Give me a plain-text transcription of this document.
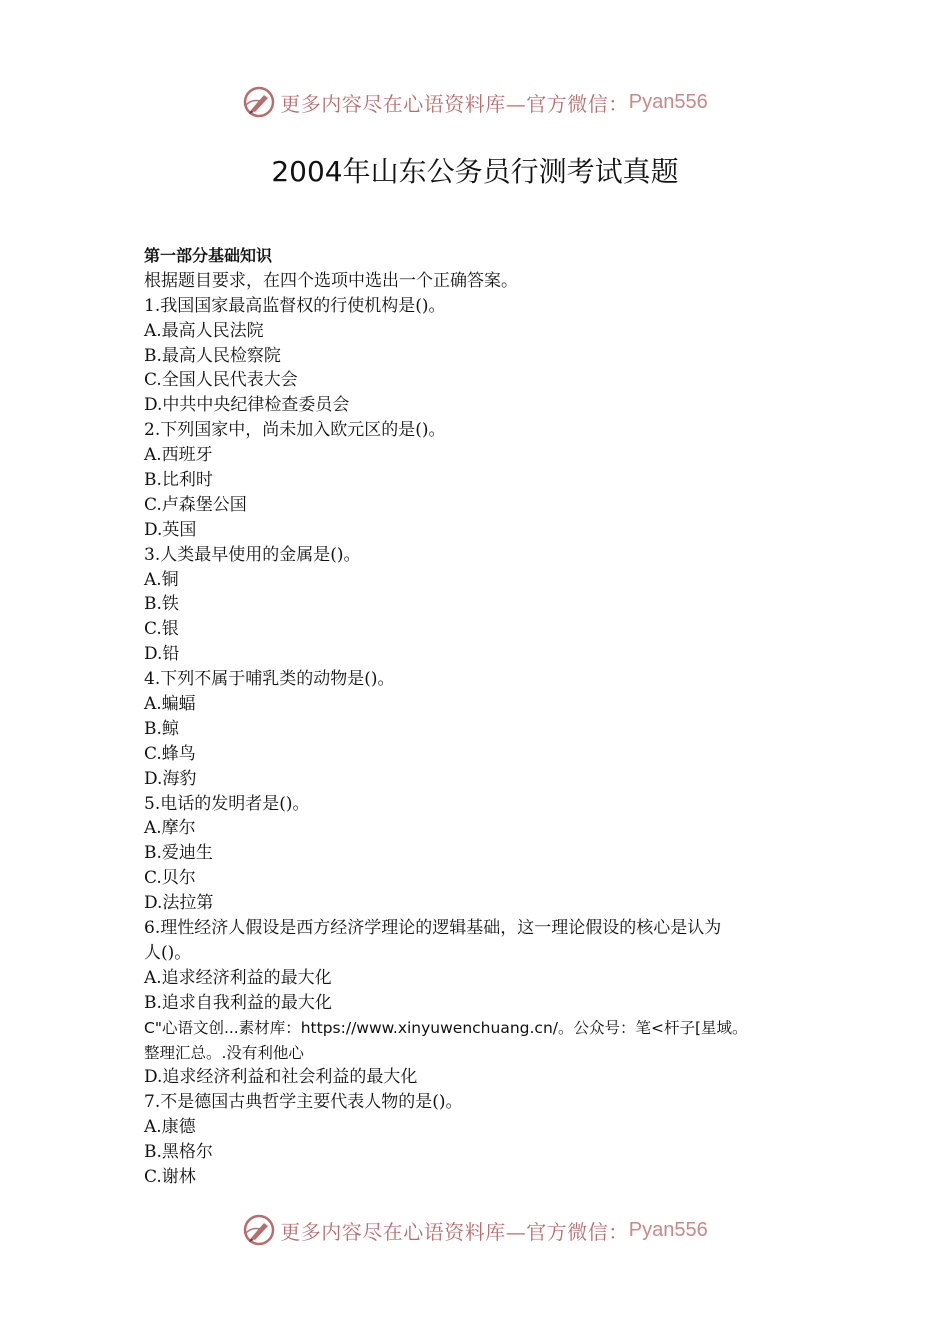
更多内容尽在心语资料库—官方微信： Pyan556
2004年山东公务员行测考试真题
第一部分基础知识
根据题目要求，在四个选项中选出一个正确答案。
1.我国国家最高监督权的行使机构是()。
A.最高人民法院
B.最高人民检察院
C.全国人民代表大会
D.中共中央纪律检查委员会
2.下列国家中，尚未加入欧元区的是()。
A.西班牙
B.比利时
C.卢森堡公国
D.英国
3.人类最早使用的金属是()。
A.铜
B.铁
C.银
D.铅
4.下列不属于哺乳类的动物是()。
A.蝙蝠
B.鲸
C.蜂鸟
D.海豹
5.电话的发明者是()。
A.摩尔
B.爱迪生
C.贝尔
D.法拉第
6.理性经济人假设是西方经济学理论的逻辑基础，这一理论假设的核心是认为
人()。
A.追求经济利益的最大化
B.追求自我利益的最大化
C"心语文创...素材库：https://www.xinyuwenchuang.cn/。公众号：笔<杆子[星域。
整理汇总。.没有利他心
D.追求经济利益和社会利益的最大化
7.不是德国古典哲学主要代表人物的是()。
A.康德
B.黑格尔
C.谢林
更多内容尽在心语资料库—官方微信： Pyan556
